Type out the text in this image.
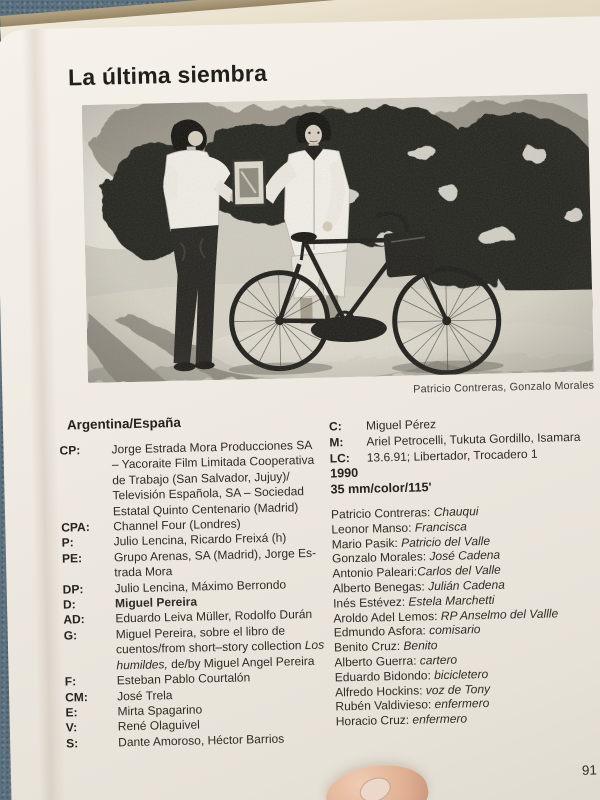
La última siembra
Patricio Contreras, Gonzalo Morales
Argentina/España
CP:	Jorge Estrada Mora Producciones SA
– Yacoraite Film Limitada Cooperativa
de Trabajo (San Salvador, Jujuy)/
Televisión Española, SA – Sociedad
Estatal Quinto Centenario (Madrid)
CPA:	Channel Four (Londres)
P:	Julio Lencina, Ricardo Freixá (h)
PE:	Grupo Arenas, SA (Madrid), Jorge Es-
trada Mora
DP:	Julio Lencina, Máximo Berrondo
D:	Miguel Pereira
AD:	Eduardo Leiva Müller, Rodolfo Durán
G:	Miguel Pereira, sobre el libro de
cuentos/from short–story collection Los
humildes, de/by Miguel Angel Pereira
F:	Esteban Pablo Courtalón
CM:	José Trela
E:	Mirta Spagarino
V:	René Olaguivel
S:	Dante Amoroso, Héctor Barrios
C:	Miguel Pérez
M:	Ariel Petrocelli, Tukuta Gordillo, Isamara
LC:	13.6.91; Libertador, Trocadero 1
1990
35 mm/color/115'
Patricio Contreras: Chauqui
Leonor Manso: Francisca
Mario Pasik: Patricio del Valle
Gonzalo Morales: José Cadena
Antonio Paleari:Carlos del Valle
Alberto Benegas: Julián Cadena
Inés Estévez: Estela Marchetti
Aroldo Adel Lemos: RP Anselmo del Vallle
Edmundo Asfora: comisario
Benito Cruz: Benito
Alberto Guerra: cartero
Eduardo Bidondo: bicicletero
Alfredo Hockins: voz de Tony
Rubén Valdivieso: enfermero
Horacio Cruz: enfermero
91
